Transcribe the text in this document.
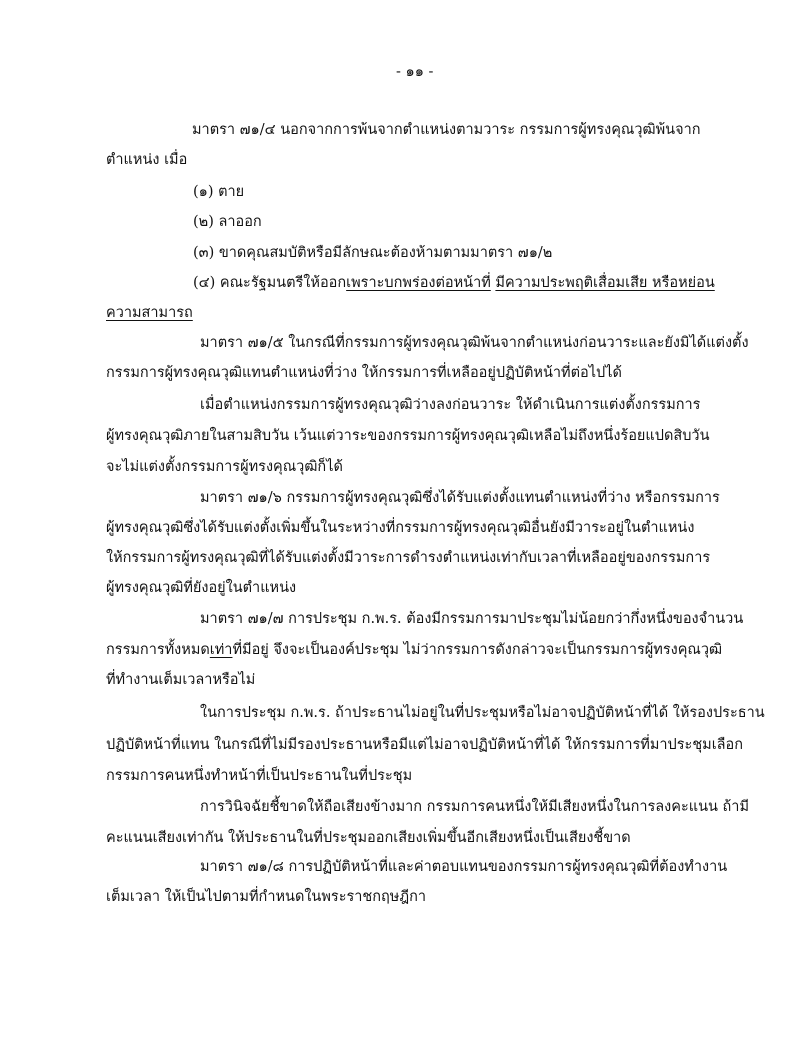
- ๑๑ -
มาตรา ๗๑/๔ นอกจากการพ้นจากตำแหน่งตามวาระ กรรมการผู้ทรงคุณวุฒิพ้นจาก
ตำแหน่ง เมื่อ
(๑) ตาย
(๒) ลาออก
(๓) ขาดคุณสมบัติหรือมีลักษณะต้องห้ามตามมาตรา ๗๑/๒
(๔) คณะรัฐมนตรีให้ออกเพราะบกพร่องต่อหน้าที่ มีความประพฤติเสื่อมเสีย หรือหย่อน
ความสามารถ
มาตรา ๗๑/๕ ในกรณีที่กรรมการผู้ทรงคุณวุฒิพ้นจากตำแหน่งก่อนวาระและยังมิได้แต่งตั้ง
กรรมการผู้ทรงคุณวุฒิแทนตำแหน่งที่ว่าง ให้กรรมการที่เหลืออยู่ปฏิบัติหน้าที่ต่อไปได้
เมื่อตำแหน่งกรรมการผู้ทรงคุณวุฒิว่างลงก่อนวาระ ให้ดำเนินการแต่งตั้งกรรมการ
ผู้ทรงคุณวุฒิภายในสามสิบวัน เว้นแต่วาระของกรรมการผู้ทรงคุณวุฒิเหลือไม่ถึงหนึ่งร้อยแปดสิบวัน
จะไม่แต่งตั้งกรรมการผู้ทรงคุณวุฒิก็ได้
มาตรา ๗๑/๖ กรรมการผู้ทรงคุณวุฒิซึ่งได้รับแต่งตั้งแทนตำแหน่งที่ว่าง หรือกรรมการ
ผู้ทรงคุณวุฒิซึ่งได้รับแต่งตั้งเพิ่มขึ้นในระหว่างที่กรรมการผู้ทรงคุณวุฒิอื่นยังมีวาระอยู่ในตำแหน่ง
ให้กรรมการผู้ทรงคุณวุฒิที่ได้รับแต่งตั้งมีวาระการดำรงตำแหน่งเท่ากับเวลาที่เหลืออยู่ของกรรมการ
ผู้ทรงคุณวุฒิที่ยังอยู่ในตำแหน่ง
มาตรา ๗๑/๗ การประชุม ก.พ.ร. ต้องมีกรรมการมาประชุมไม่น้อยกว่ากึ่งหนึ่งของจำนวน
กรรมการทั้งหมดเท่าที่มีอยู่ จึงจะเป็นองค์ประชุม ไม่ว่ากรรมการดังกล่าวจะเป็นกรรมการผู้ทรงคุณวุฒิ
ที่ทำงานเต็มเวลาหรือไม่
ในการประชุม ก.พ.ร. ถ้าประธานไม่อยู่ในที่ประชุมหรือไม่อาจปฏิบัติหน้าที่ได้ ให้รองประธาน
ปฏิบัติหน้าที่แทน ในกรณีที่ไม่มีรองประธานหรือมีแต่ไม่อาจปฏิบัติหน้าที่ได้ ให้กรรมการที่มาประชุมเลือก
กรรมการคนหนึ่งทำหน้าที่เป็นประธานในที่ประชุม
การวินิจฉัยชี้ขาดให้ถือเสียงข้างมาก กรรมการคนหนึ่งให้มีเสียงหนึ่งในการลงคะแนน ถ้ามี
คะแนนเสียงเท่ากัน ให้ประธานในที่ประชุมออกเสียงเพิ่มขึ้นอีกเสียงหนึ่งเป็นเสียงชี้ขาด
มาตรา ๗๑/๘ การปฏิบัติหน้าที่และค่าตอบแทนของกรรมการผู้ทรงคุณวุฒิที่ต้องทำงาน
เต็มเวลา ให้เป็นไปตามที่กำหนดในพระราชกฤษฎีกา
